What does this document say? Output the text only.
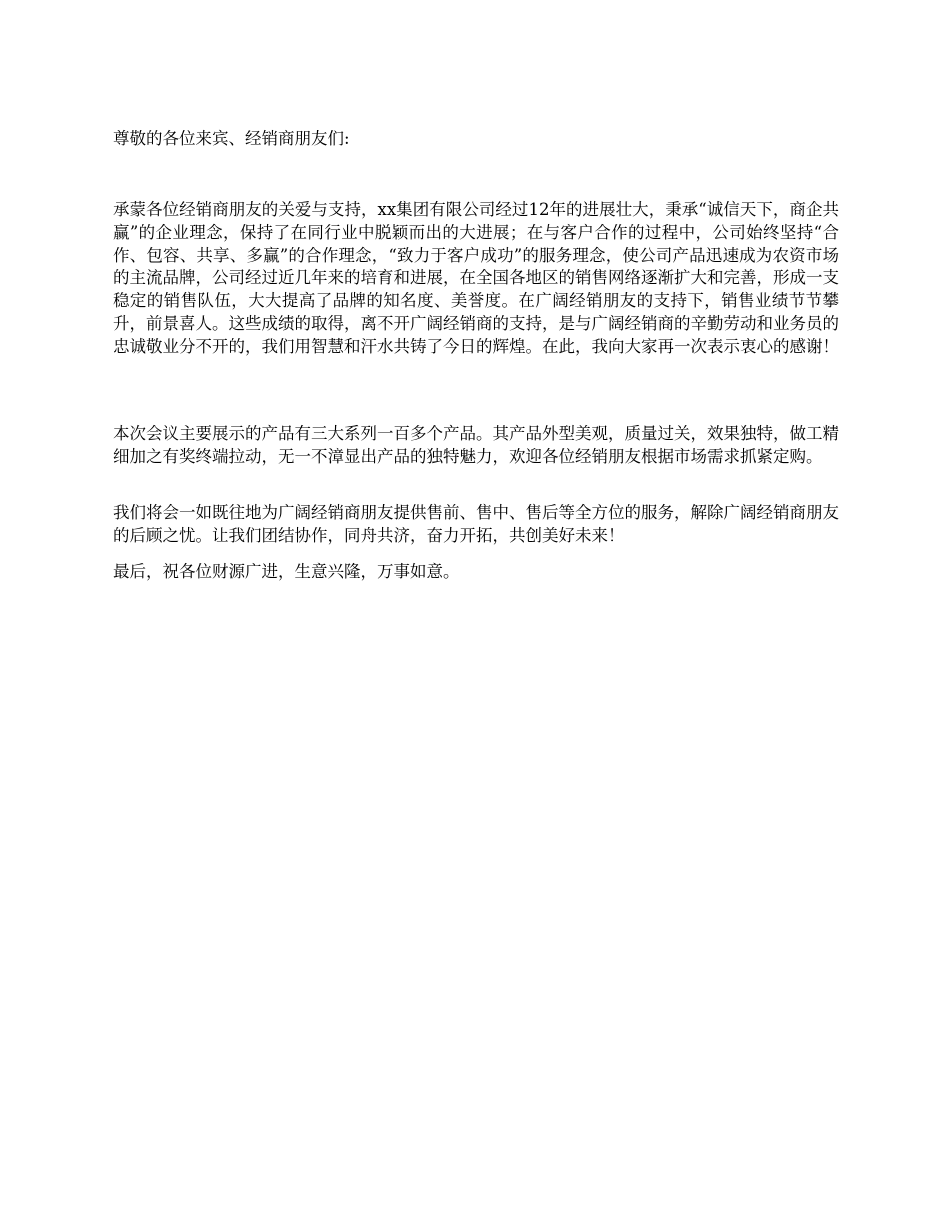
尊敬的各位来宾、经销商朋友们:

承蒙各位经销商朋友的关爱与支持，xx集团有限公司经过12年的进展壮大，秉承“诚信天下，商企共赢”的企业理念，保持了在同行业中脱颖而出的大进展；在与客户合作的过程中，公司始终坚持“合作、包容、共享、多赢”的合作理念，“致力于客户成功”的服务理念，使公司产品迅速成为农资市场的主流品牌，公司经过近几年来的培育和进展，在全国各地区的销售网络逐渐扩大和完善，形成一支稳定的销售队伍，大大提高了品牌的知名度、美誉度。在广阔经销朋友的支持下，销售业绩节节攀升，前景喜人。这些成绩的取得，离不开广阔经销商的支持，是与广阔经销商的辛勤劳动和业务员的忠诚敬业分不开的，我们用智慧和汗水共铸了今日的辉煌。在此，我向大家再一次表示衷心的感谢！

本次会议主要展示的产品有三大系列一百多个产品。其产品外型美观，质量过关，效果独特，做工精细加之有奖终端拉动，无一不漳显出产品的独特魅力，欢迎各位经销朋友根据市场需求抓紧定购。

我们将会一如既往地为广阔经销商朋友提供售前、售中、售后等全方位的服务，解除广阔经销商朋友的后顾之忧。让我们团结协作，同舟共济，奋力开拓，共创美好未来！

最后，祝各位财源广进，生意兴隆，万事如意。
